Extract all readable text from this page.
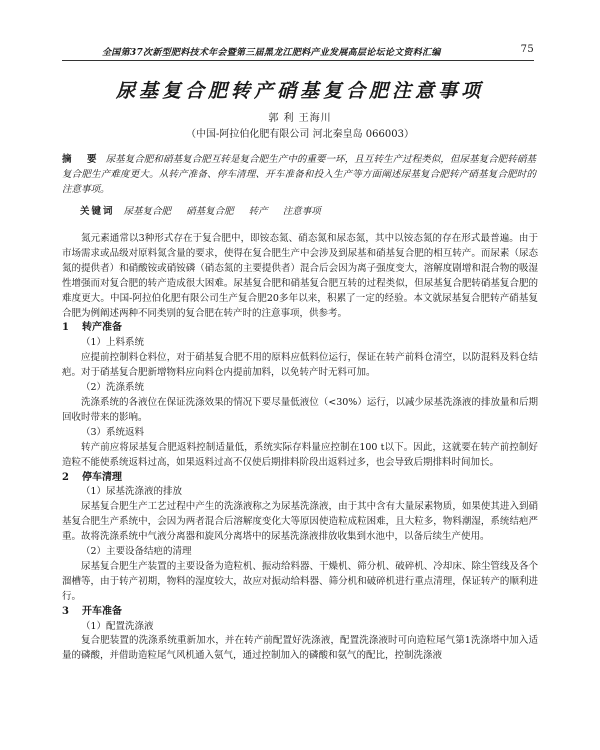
全国第37次新型肥料技术年会暨第三届黑龙江肥料产业发展高层论坛论文资料汇编	75
尿基复合肥转产硝基复合肥注意事项
郭 利 王海川
（中国-阿拉伯化肥有限公司 河北秦皇岛 066003）
摘 要 尿基复合肥和硝基复合肥互转是复合肥生产中的重要一环，且互转生产过程类似，但尿基复合肥转硝基复合肥生产难度更大。从转产准备、停车清理、开车准备和投入生产等方面阐述尿基复合肥转产硝基复合肥时的注意事项。
关键词 尿基复合肥 硝基复合肥 转产 注意事项

氮元素通常以3种形式存在于复合肥中，即铵态氮、硝态氮和尿态氮，其中以铵态氮的存在形式最普遍。由于市场需求或品级对原料氮含量的要求，使得在复合肥生产中会涉及到尿基和硝基复合肥的相互转产。而尿素（尿态氮的提供者）和硝酸铵或硝铵磷（硝态氮的主要提供者）混合后会因为离子强度变大，溶解度剧增和混合物的吸湿性增强而对复合肥的转产造成很大困难。尿基复合肥和硝基复合肥互转的过程类似，但尿基复合肥转硝基复合肥的难度更大。中国-阿拉伯化肥有限公司生产复合肥20多年以来，积累了一定的经验。本文就尿基复合肥转产硝基复合肥为例阐述两种不同类别的复合肥在转产时的注意事项，供参考。

1 转产准备
（1）上料系统

应提前控制料仓料位，对于硝基复合肥不用的原料应低料位运行，保证在转产前料仓清空，以防混料及料仓结疤。对于硝基复合肥新增物料应向料仓内提前加料，以免转产时无料可加。

（2）洗涤系统

洗涤系统的各液位在保证洗涤效果的情况下要尽量低液位（<30%）运行，以减少尿基洗涤液的排放量和后期回收时带来的影响。

（3）系统返料

转产前应将尿基复合肥返料控制适量低，系统实际存料量应控制在100 t以下。因此，这就要在转产前控制好造粒不能使系统返料过高，如果返料过高不仅使后期排料阶段出返料过多，也会导致后期排料时间加长。

2 停车清理
（1）尿基洗涤液的排放

尿基复合肥生产工艺过程中产生的洗涤液称之为尿基洗涤液，由于其中含有大量尿素物质，如果使其进入到硝基复合肥生产系统中，会因为两者混合后溶解度变化大等原因使造粒成粒困难，且大粒多，物料潮湿，系统结疤严重。故将洗涤系统中气液分离器和旋风分离塔中的尿基洗涤液排放收集到水池中，以备后续生产使用。

（2）主要设备结疤的清理

尿基复合肥生产装置的主要设备为造粒机、振动给料器、干燥机、筛分机、破碎机、冷却床、除尘管线及各个溜槽等，由于转产初期，物料的湿度较大，故应对振动给料器、筛分机和破碎机进行重点清理，保证转产的顺利进行。

3 开车准备
（1）配置洗涤液

复合肥装置的洗涤系统重新加水，并在转产前配置好洗涤液，配置洗涤液时可向造粒尾气第1洗涤塔中加入适量的磷酸，并借助造粒尾气风机通入氨气，通过控制加入的磷酸和氨气的配比，控制洗涤液
